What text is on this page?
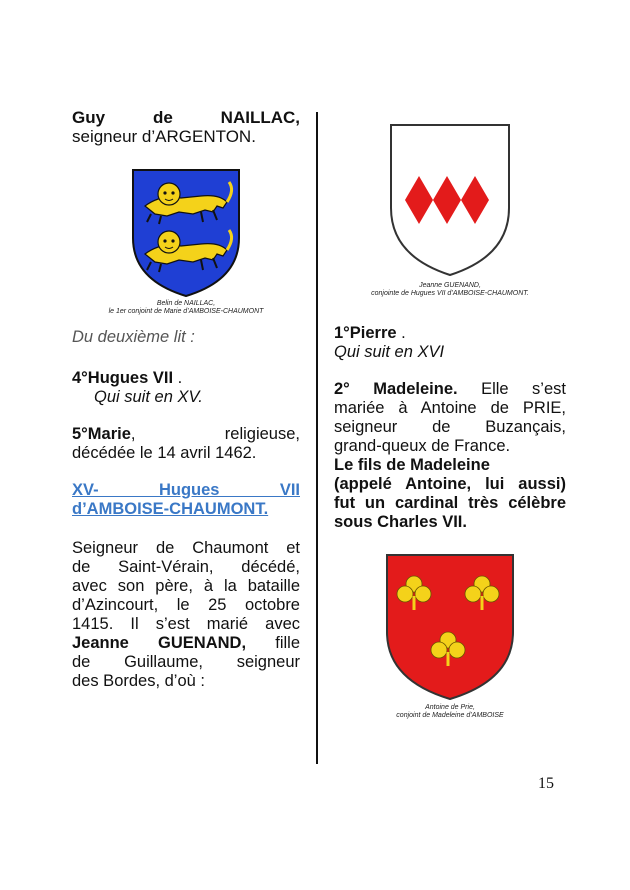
Guy de NAILLAC,

seigneur d’ARGENTON.

Belin de NAILLAC,
le 1er conjoint de Marie d’AMBOISE-CHAUMONT

Du deuxième lit :

4°Hugues VII .

Qui suit en XV.

5°Marie, religieuse,

décédée le 14 avril 1462.

XV- Hugues VII

d’AMBOISE-CHAUMONT.

Seigneur de Chaumont et

de Saint-Vérain, décédé,

avec son père, à la bataille

d’Azincourt, le 25 octobre

1415. Il s’est marié avec

Jeanne GUENAND, fille

de Guillaume, seigneur

des Bordes, d’où :

Jeanne GUENAND,
conjointe de Hugues VII d’AMBOISE-CHAUMONT.

1°Pierre .

Qui suit en XVI

2° Madeleine. Elle s’est

mariée à Antoine de PRIE,

seigneur de Buzançais,

grand-queux de France.

Le fils de Madeleine

(appelé Antoine, lui aussi)

fut un cardinal très célèbre

sous Charles VII.

Antoine de Prie,
conjoint de Madeleine d’AMBOISE
15
